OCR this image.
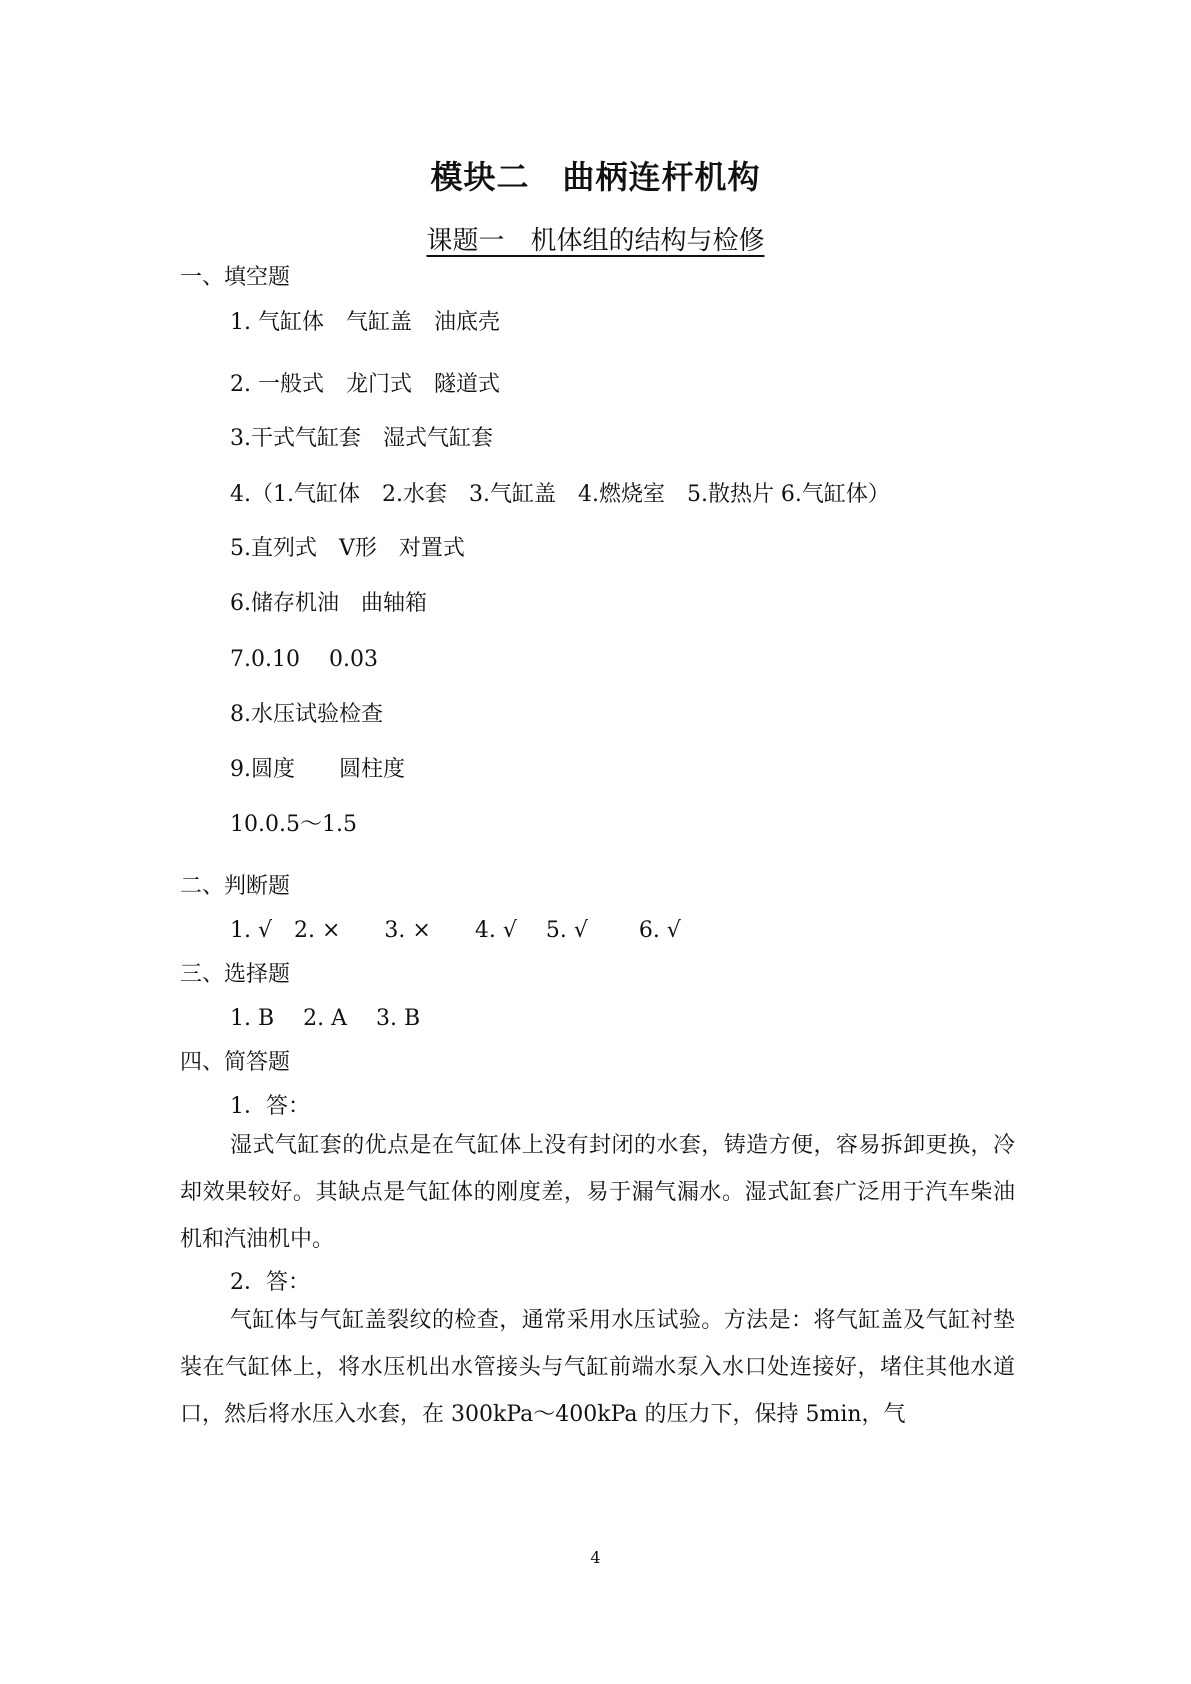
模块二　曲柄连杆机构
课题一　机体组的结构与检修
一、填空题
1. 气缸体　气缸盖　油底壳
2. 一般式　龙门式　隧道式
3.干式气缸套　湿式气缸套
4.（1.气缸体　2.水套　3.气缸盖　4.燃烧室　5.散热片 6.气缸体）
5.直列式　V形　对置式
6.储存机油　曲轴箱
7.0.10　 0.03
8.水压试验检查
9.圆度　　圆柱度
10.0.5～1.5
二、判断题
1. √　2. ×　　3. ×　　4. √　 5. √　　 6. √
三、选择题
1. B　 2. A　 3. B
四、简答题
1．答：
湿式气缸套的优点是在气缸体上没有封闭的水套，铸造方便，容易拆卸更换，冷却效果较好。其缺点是气缸体的刚度差，易于漏气漏水。湿式缸套广泛用于汽车柴油机和汽油机中。
2．答：
气缸体与气缸盖裂纹的检查，通常采用水压试验。方法是：将气缸盖及气缸衬垫装在气缸体上，将水压机出水管接头与气缸前端水泵入水口处连接好，堵住其他水道口，然后将水压入水套，在 300kPa～400kPa 的压力下，保持 5min，气
4
